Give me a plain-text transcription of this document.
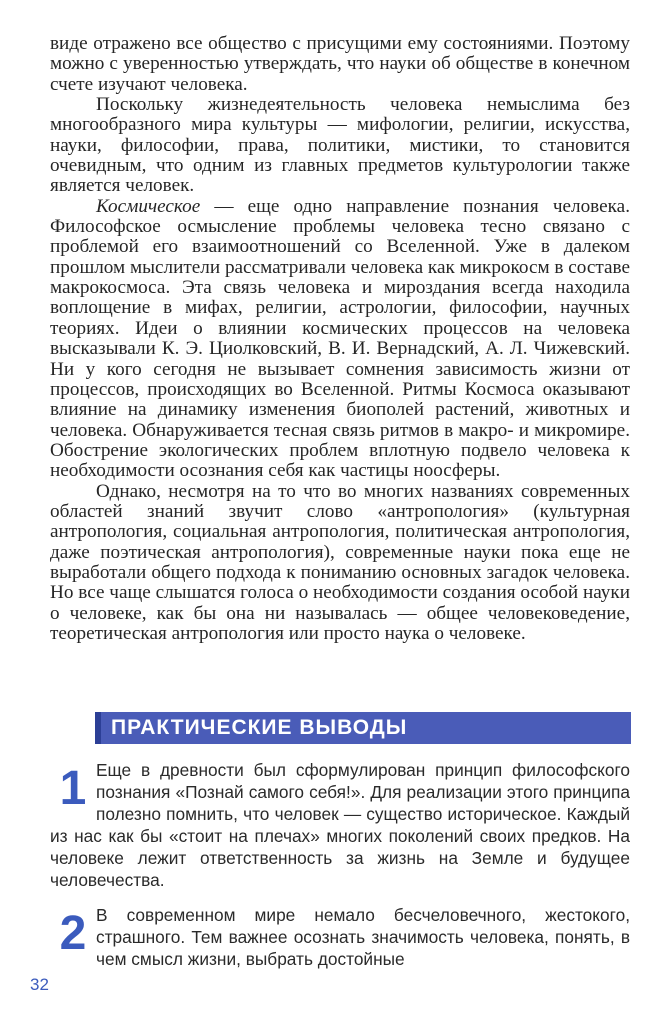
виде отражено все общество с присущими ему состояниями. Поэтому можно с уверенностью утверждать, что науки об обществе в конечном счете изучают человека.

Поскольку жизнедеятельность человека немыслима без многообразного мира культуры — мифологии, религии, искусства, науки, философии, права, политики, мистики, то становится очевидным, что одним из главных предметов культурологии также является человек.

Космическое — еще одно направление познания человека. Философское осмысление проблемы человека тесно связано с проблемой его взаимоотношений со Вселенной. Уже в далеком прошлом мыслители рассматривали человека как микрокосм в составе макрокосмоса. Эта связь человека и мироздания всегда находила воплощение в мифах, религии, астрологии, философии, научных теориях. Идеи о влиянии космических процессов на человека высказывали К. Э. Циолковский, В. И. Вернадский, А. Л. Чижевский. Ни у кого сегодня не вызывает сомнения зависимость жизни от процессов, происходящих во Вселенной. Ритмы Космоса оказывают влияние на динамику изменения биополей растений, животных и человека. Обнаруживается тесная связь ритмов в макро- и микромире. Обострение экологических проблем вплотную подвело человека к необходимости осознания себя как частицы ноосферы.

Однако, несмотря на то что во многих названиях современных областей знаний звучит слово «антропология» (культурная антропология, социальная антропология, политическая антропология, даже поэтическая антропология), современные науки пока еще не выработали общего подхода к пониманию основных загадок человека. Но все чаще слышатся голоса о необходимости создания особой науки о человеке, как бы она ни называлась — общее человековедение, теоретическая антропология или просто наука о человеке.

ПРАКТИЧЕСКИЕ ВЫВОДЫ
1 Еще в древности был сформулирован принцип философского познания «Познай самого себя!». Для реализации этого принципа полезно помнить, что человек — существо историческое. Каждый из нас как бы «стоит на плечах» многих поколений своих предков. На человеке лежит ответственность за жизнь на Земле и будущее человечества.

2 В современном мире немало бесчеловечного, жестокого, страшного. Тем важнее осознать значимость человека, понять, в чем смысл жизни, выбрать достойные

32
